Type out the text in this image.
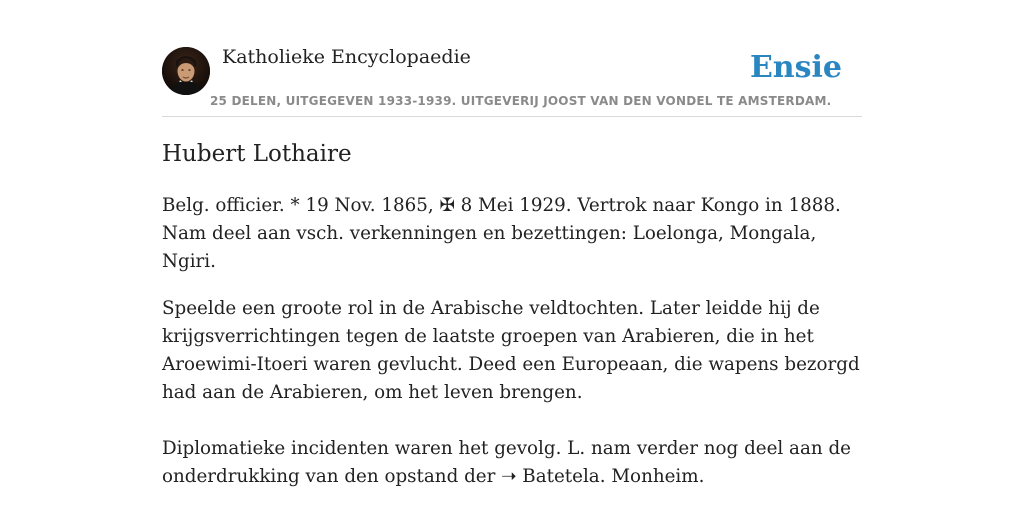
Katholieke Encyclopaedie	Ensie
25 DELEN, UITGEGEVEN 1933-1939. UITGEVERIJ JOOST VAN DEN VONDEL TE AMSTERDAM.
Hubert Lothaire

Belg. officier. * 19 Nov. 1865, ✠ 8 Mei 1929. Vertrok naar Kongo in 1888. Nam deel aan vsch. verkenningen en bezettingen: Loelonga, Mongala, Ngiri.

Speelde een groote rol in de Arabische veldtochten. Later leidde hij de krijgsverrichtingen tegen de laatste groepen van Arabieren, die in het Aroewimi-Itoeri waren gevlucht. Deed een Europeaan, die wapens bezorgd had aan de Arabieren, om het leven brengen.

Diplomatieke incidenten waren het gevolg. L. nam verder nog deel aan de onderdrukking van den opstand der ➝ Batetela. Monheim.
